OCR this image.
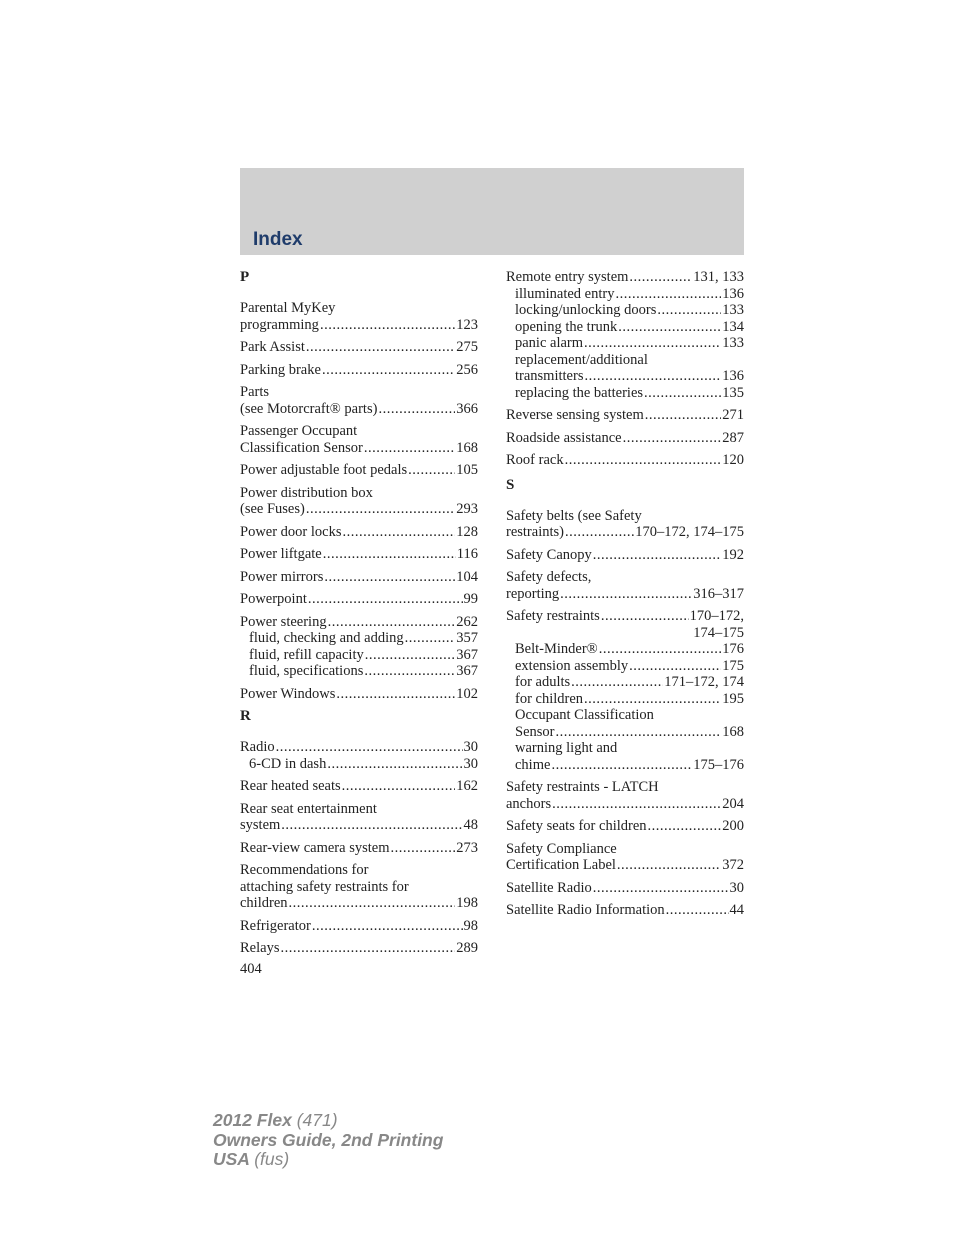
Index
P
Parental MyKey
programming .....	123
Park Assist .....	275
Parking brake .....	256
Parts
(see Motorcraft® parts) .....	366
Passenger Occupant
Classification Sensor .....	168
Power adjustable foot pedals .....	105
Power distribution box
(see Fuses) .....	293
Power door locks .....	128
Power liftgate .....	116
Power mirrors .....	104
Powerpoint .....	99
Power steering .....	262
fluid, checking and adding .....	357
fluid, refill capacity .....	367
fluid, specifications .....	367
Power Windows .....	102
R
Radio .....	30
6-CD in dash .....	30
Rear heated seats .....	162
Rear seat entertainment
system .....	48
Rear-view camera system .....	273
Recommendations for
attaching safety restraints for
children .....	198
Refrigerator .....	98
Relays .....	289
Remote entry system .....	131, 133
illuminated entry .....	136
locking/unlocking doors .....	133
opening the trunk .....	134
panic alarm .....	133
replacement/additional
transmitters .....	136
replacing the batteries .....	135
Reverse sensing system .....	271
Roadside assistance .....	287
Roof rack .....	120
S
Safety belts (see Safety
restraints) .....	170–172, 174–175
Safety Canopy .....	192
Safety defects,
reporting .....	316–317
Safety restraints .....	170–172,
174–175
Belt-Minder® .....	176
extension assembly .....	175
for adults .....	171–172, 174
for children .....	195
Occupant Classification
Sensor .....	168
warning light and
chime .....	175–176
Safety restraints - LATCH
anchors .....	204
Safety seats for children .....	200
Safety Compliance
Certification Label .....	372
Satellite Radio .....	30
Satellite Radio Information .....	44
404
2012 Flex (471)
Owners Guide, 2nd Printing
USA (fus)
